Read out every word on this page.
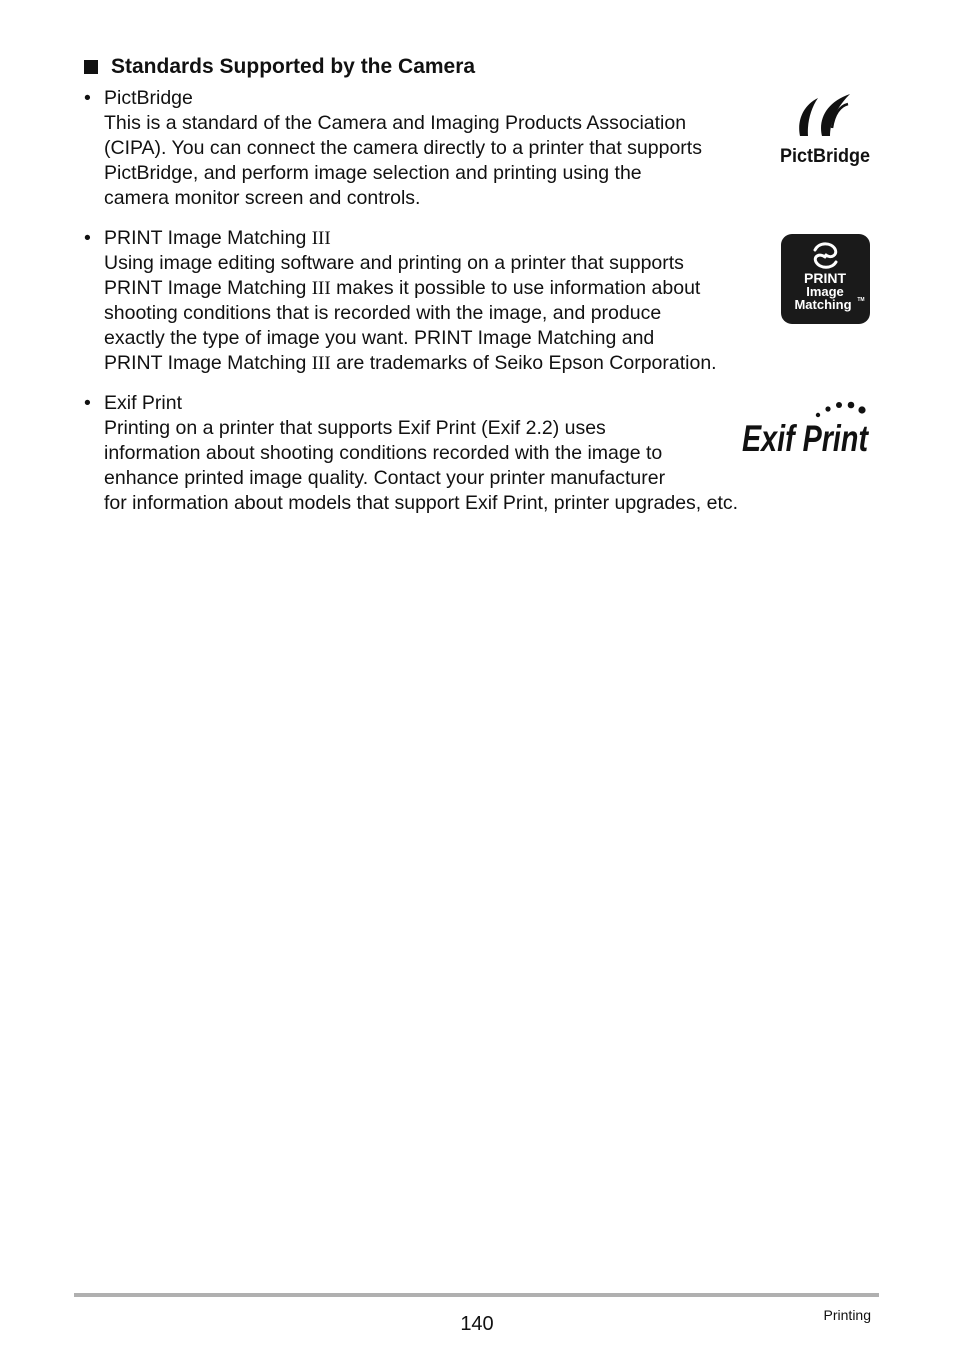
Standards Supported by the Camera
• PictBridge
This is a standard of the Camera and Imaging Products Association
(CIPA). You can connect the camera directly to a printer that supports
PictBridge, and perform image selection and printing using the
camera monitor screen and controls.
PictBridge
• PRINT Image Matching III
Using image editing software and printing on a printer that supports
PRINT Image Matching III makes it possible to use information about
shooting conditions that is recorded with the image, and produce
exactly the type of image you want. PRINT Image Matching and
PRINT Image Matching III are trademarks of Seiko Epson Corporation.
PRINT
Image
Matching TM
• Exif Print
Printing on a printer that supports Exif Print (Exif 2.2) uses
information about shooting conditions recorded with the image to
enhance printed image quality. Contact your printer manufacturer
for information about models that support Exif Print, printer upgrades, etc.
Exif Print
140	Printing
